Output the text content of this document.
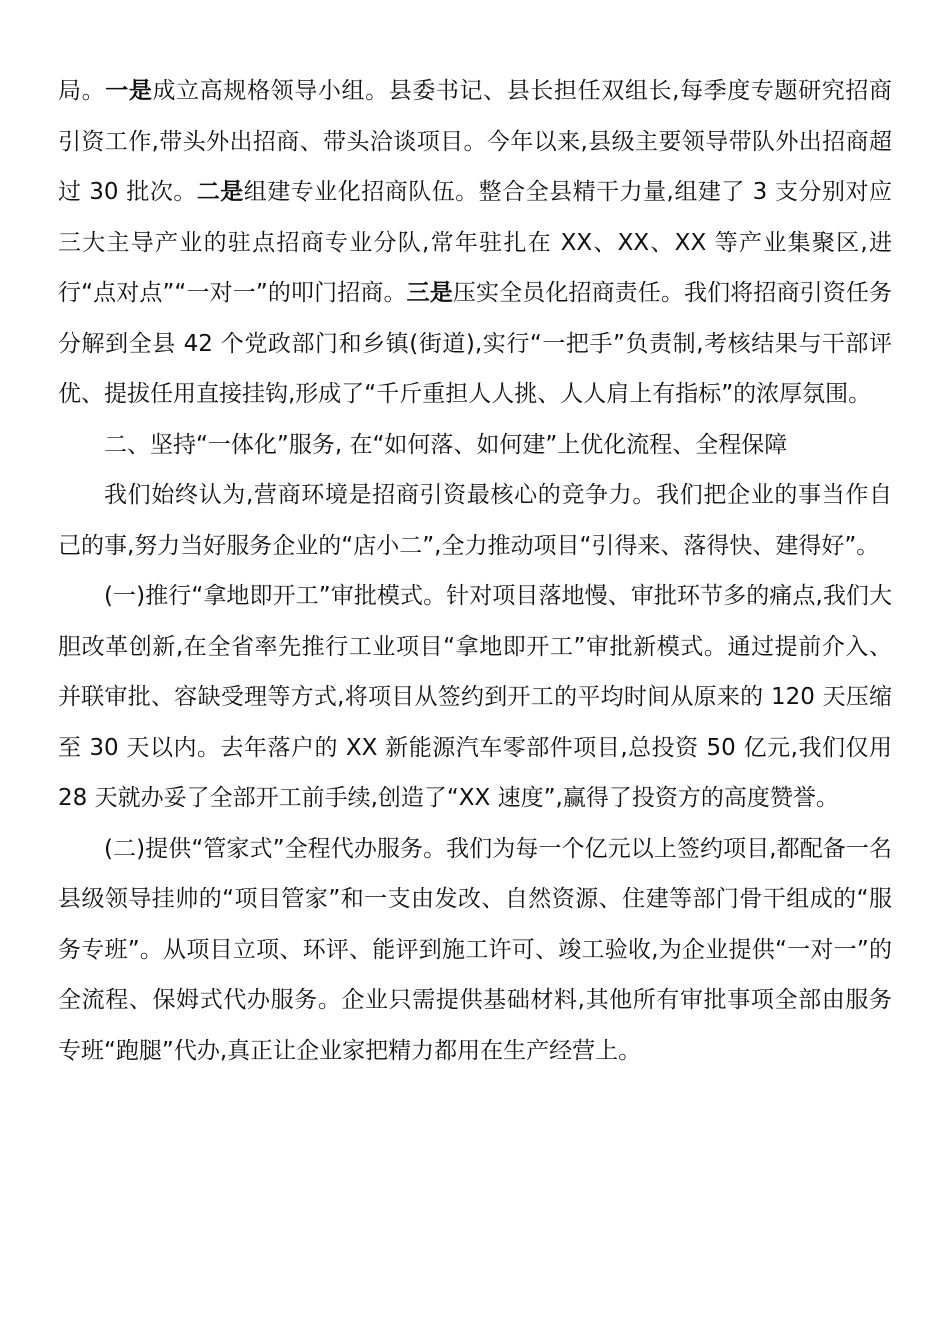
局。一是成立高规格领导小组。县委书记、县长担任双组长,每季度专题研究招商引资工作,带头外出招商、带头洽谈项目。今年以来,县级主要领导带队外出招商超过 30 批次。二是组建专业化招商队伍。整合全县精干力量,组建了 3 支分别对应三大主导产业的驻点招商专业分队,常年驻扎在 XX、XX、XX 等产业集聚区,进行“点对点”“一对一”的叩门招商。三是压实全员化招商责任。我们将招商引资任务分解到全县 42 个党政部门和乡镇(街道),实行“一把手”负责制,考核结果与干部评优、提拔任用直接挂钩,形成了“千斤重担人人挑、人人肩上有指标”的浓厚氛围。

二、坚持“一体化”服务, 在“如何落、如何建”上优化流程、全程保障

我们始终认为,营商环境是招商引资最核心的竞争力。我们把企业的事当作自己的事,努力当好服务企业的“店小二”,全力推动项目“引得来、落得快、建得好”。

(一)推行“拿地即开工”审批模式。针对项目落地慢、审批环节多的痛点,我们大胆改革创新,在全省率先推行工业项目“拿地即开工”审批新模式。通过提前介入、并联审批、容缺受理等方式,将项目从签约到开工的平均时间从原来的 120 天压缩至 30 天以内。去年落户的 XX 新能源汽车零部件项目,总投资 50 亿元,我们仅用 28 天就办妥了全部开工前手续,创造了“XX 速度”,赢得了投资方的高度赞誉。

(二)提供“管家式”全程代办服务。我们为每一个亿元以上签约项目,都配备一名县级领导挂帅的“项目管家”和一支由发改、自然资源、住建等部门骨干组成的“服务专班”。从项目立项、环评、能评到施工许可、竣工验收,为企业提供“一对一”的全流程、保姆式代办服务。企业只需提供基础材料,其他所有审批事项全部由服务专班“跑腿”代办,真正让企业家把精力都用在生产经营上。
